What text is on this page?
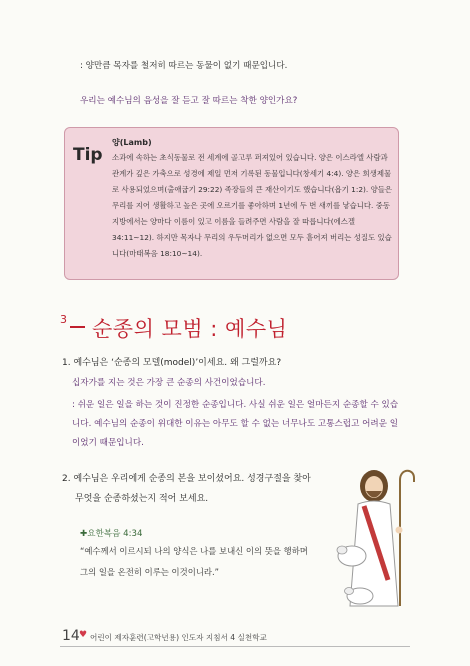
: 양만큼 목자를 철저히 따르는 동물이 없기 때문입니다.
우리는 예수님의 음성을 잘 듣고 잘 따르는 착한 양인가요?
Tip
양(Lamb)
소과에 속하는 초식동물로 전 세계에 골고루 퍼져있어 있습니다. 양은 이스라엘 사람과
관계가 깊은 가축으로 성경에 제일 먼저 기록된 동물입니다(창세기 4:4). 양은 희생제물
로 사용되었으며(출애굽기 29:22) 족장들의 큰 재산이기도 했습니다(욥기 1:2). 양들은
무리를 지어 생활하고 높은 곳에 오르기를 좋아하며 1년에 두 번 새끼를 낳습니다. 중동
지방에서는 양마다 이름이 있고 이름을 들려주면 사람을 잘 따릅니다(에스겔
34:11~12). 하지만 목자나 무리의 우두머리가 없으면 모두 흩어져 버리는 성질도 있습
니다(마태복음 18:10~14).
3 순종의 모범 : 예수님
1. 예수님은 ‘순종의 모델(model)’이세요. 왜 그럴까요?
십자가를 지는 것은 가장 큰 순종의 사건이었습니다.
: 쉬운 일은 일을 하는 것이 진정한 순종입니다. 사실 쉬운 일은 얼마든지 순종할 수 있습
니다. 예수님의 순종이 위대한 이유는 아무도 할 수 없는 너무나도 고통스럽고 어려운 일
이었기 때문입니다.
2. 예수님은 우리에게 순종의 본을 보이셨어요. 성경구절을 찾아
무엇을 순종하셨는지 적어 보세요.
✚요한복음 4:34
“예수께서 이르시되 나의 양식은 나를 보내신 이의 뜻을 행하며
그의 일을 온전히 이루는 이것이니라.”
14 ♥ 어린이 제자훈련(고학년용) 인도자 지침서 4 실천학교
